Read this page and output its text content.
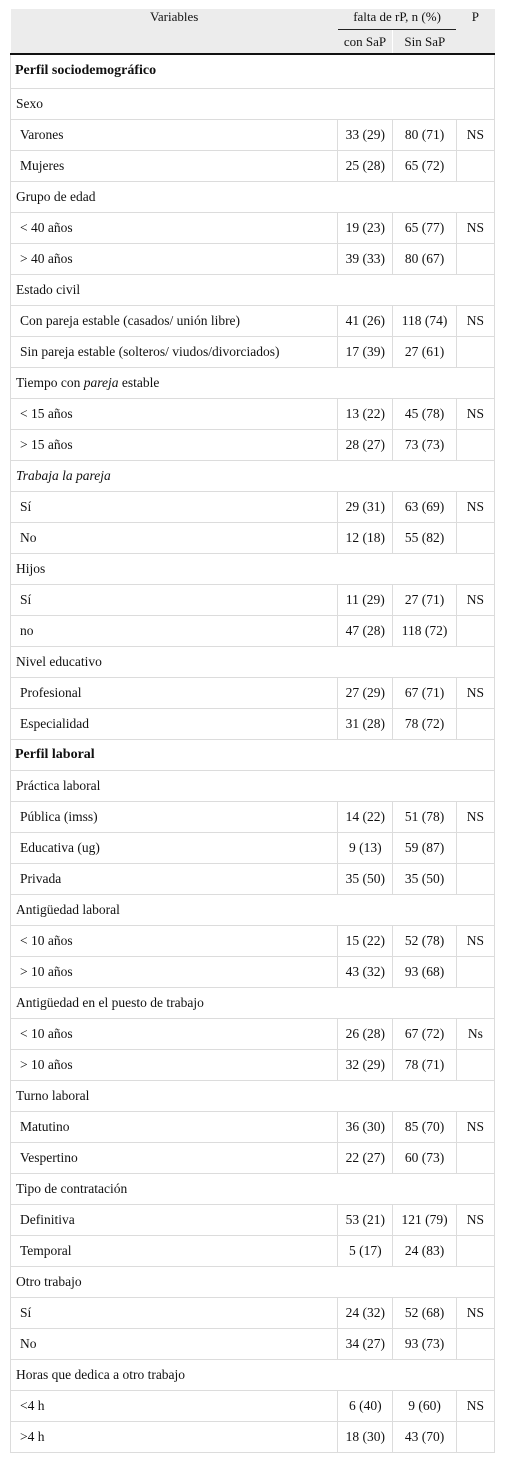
Variables	falta de rP, n (%)		P
	con SaP	Sin SaP	
Perfil sociodemográfico			
Sexo			
Varones	33 (29)	80 (71)	NS
Mujeres	25 (28)	65 (72)	
Grupo de edad			
< 40 años	19 (23)	65 (77)	NS
> 40 años	39 (33)	80 (67)	
Estado civil			
Con pareja estable (casados/ unión libre)	41 (26)	118 (74)	NS
Sin pareja estable (solteros/ viudos/divorciados)	17 (39)	27 (61)	
Tiempo con pareja estable			
< 15 años	13 (22)	45 (78)	NS
> 15 años	28 (27)	73 (73)	
Trabaja la pareja			
Sí	29 (31)	63 (69)	NS
No	12 (18)	55 (82)	
Hijos			
Sí	11 (29)	27 (71)	NS
no	47 (28)	118 (72)	
Nivel educativo			
Profesional	27 (29)	67 (71)	NS
Especialidad	31 (28)	78 (72)	
Perfil laboral			
Práctica laboral			
Pública (imss)	14 (22)	51 (78)	NS
Educativa (ug)	9 (13)	59 (87)	
Privada	35 (50)	35 (50)	
Antigüedad laboral			
< 10 años	15 (22)	52 (78)	NS
> 10 años	43 (32)	93 (68)	
Antigüedad en el puesto de trabajo			
< 10 años	26 (28)	67 (72)	Ns
> 10 años	32 (29)	78 (71)	
Turno laboral			
Matutino	36 (30)	85 (70)	NS
Vespertino	22 (27)	60 (73)	
Tipo de contratación			
Definitiva	53 (21)	121 (79)	NS
Temporal	5 (17)	24 (83)	
Otro trabajo			
Sí	24 (32)	52 (68)	NS
No	34 (27)	93 (73)	
Horas que dedica a otro trabajo			
<4 h	6 (40)	9 (60)	NS
>4 h	18 (30)	43 (70)	
